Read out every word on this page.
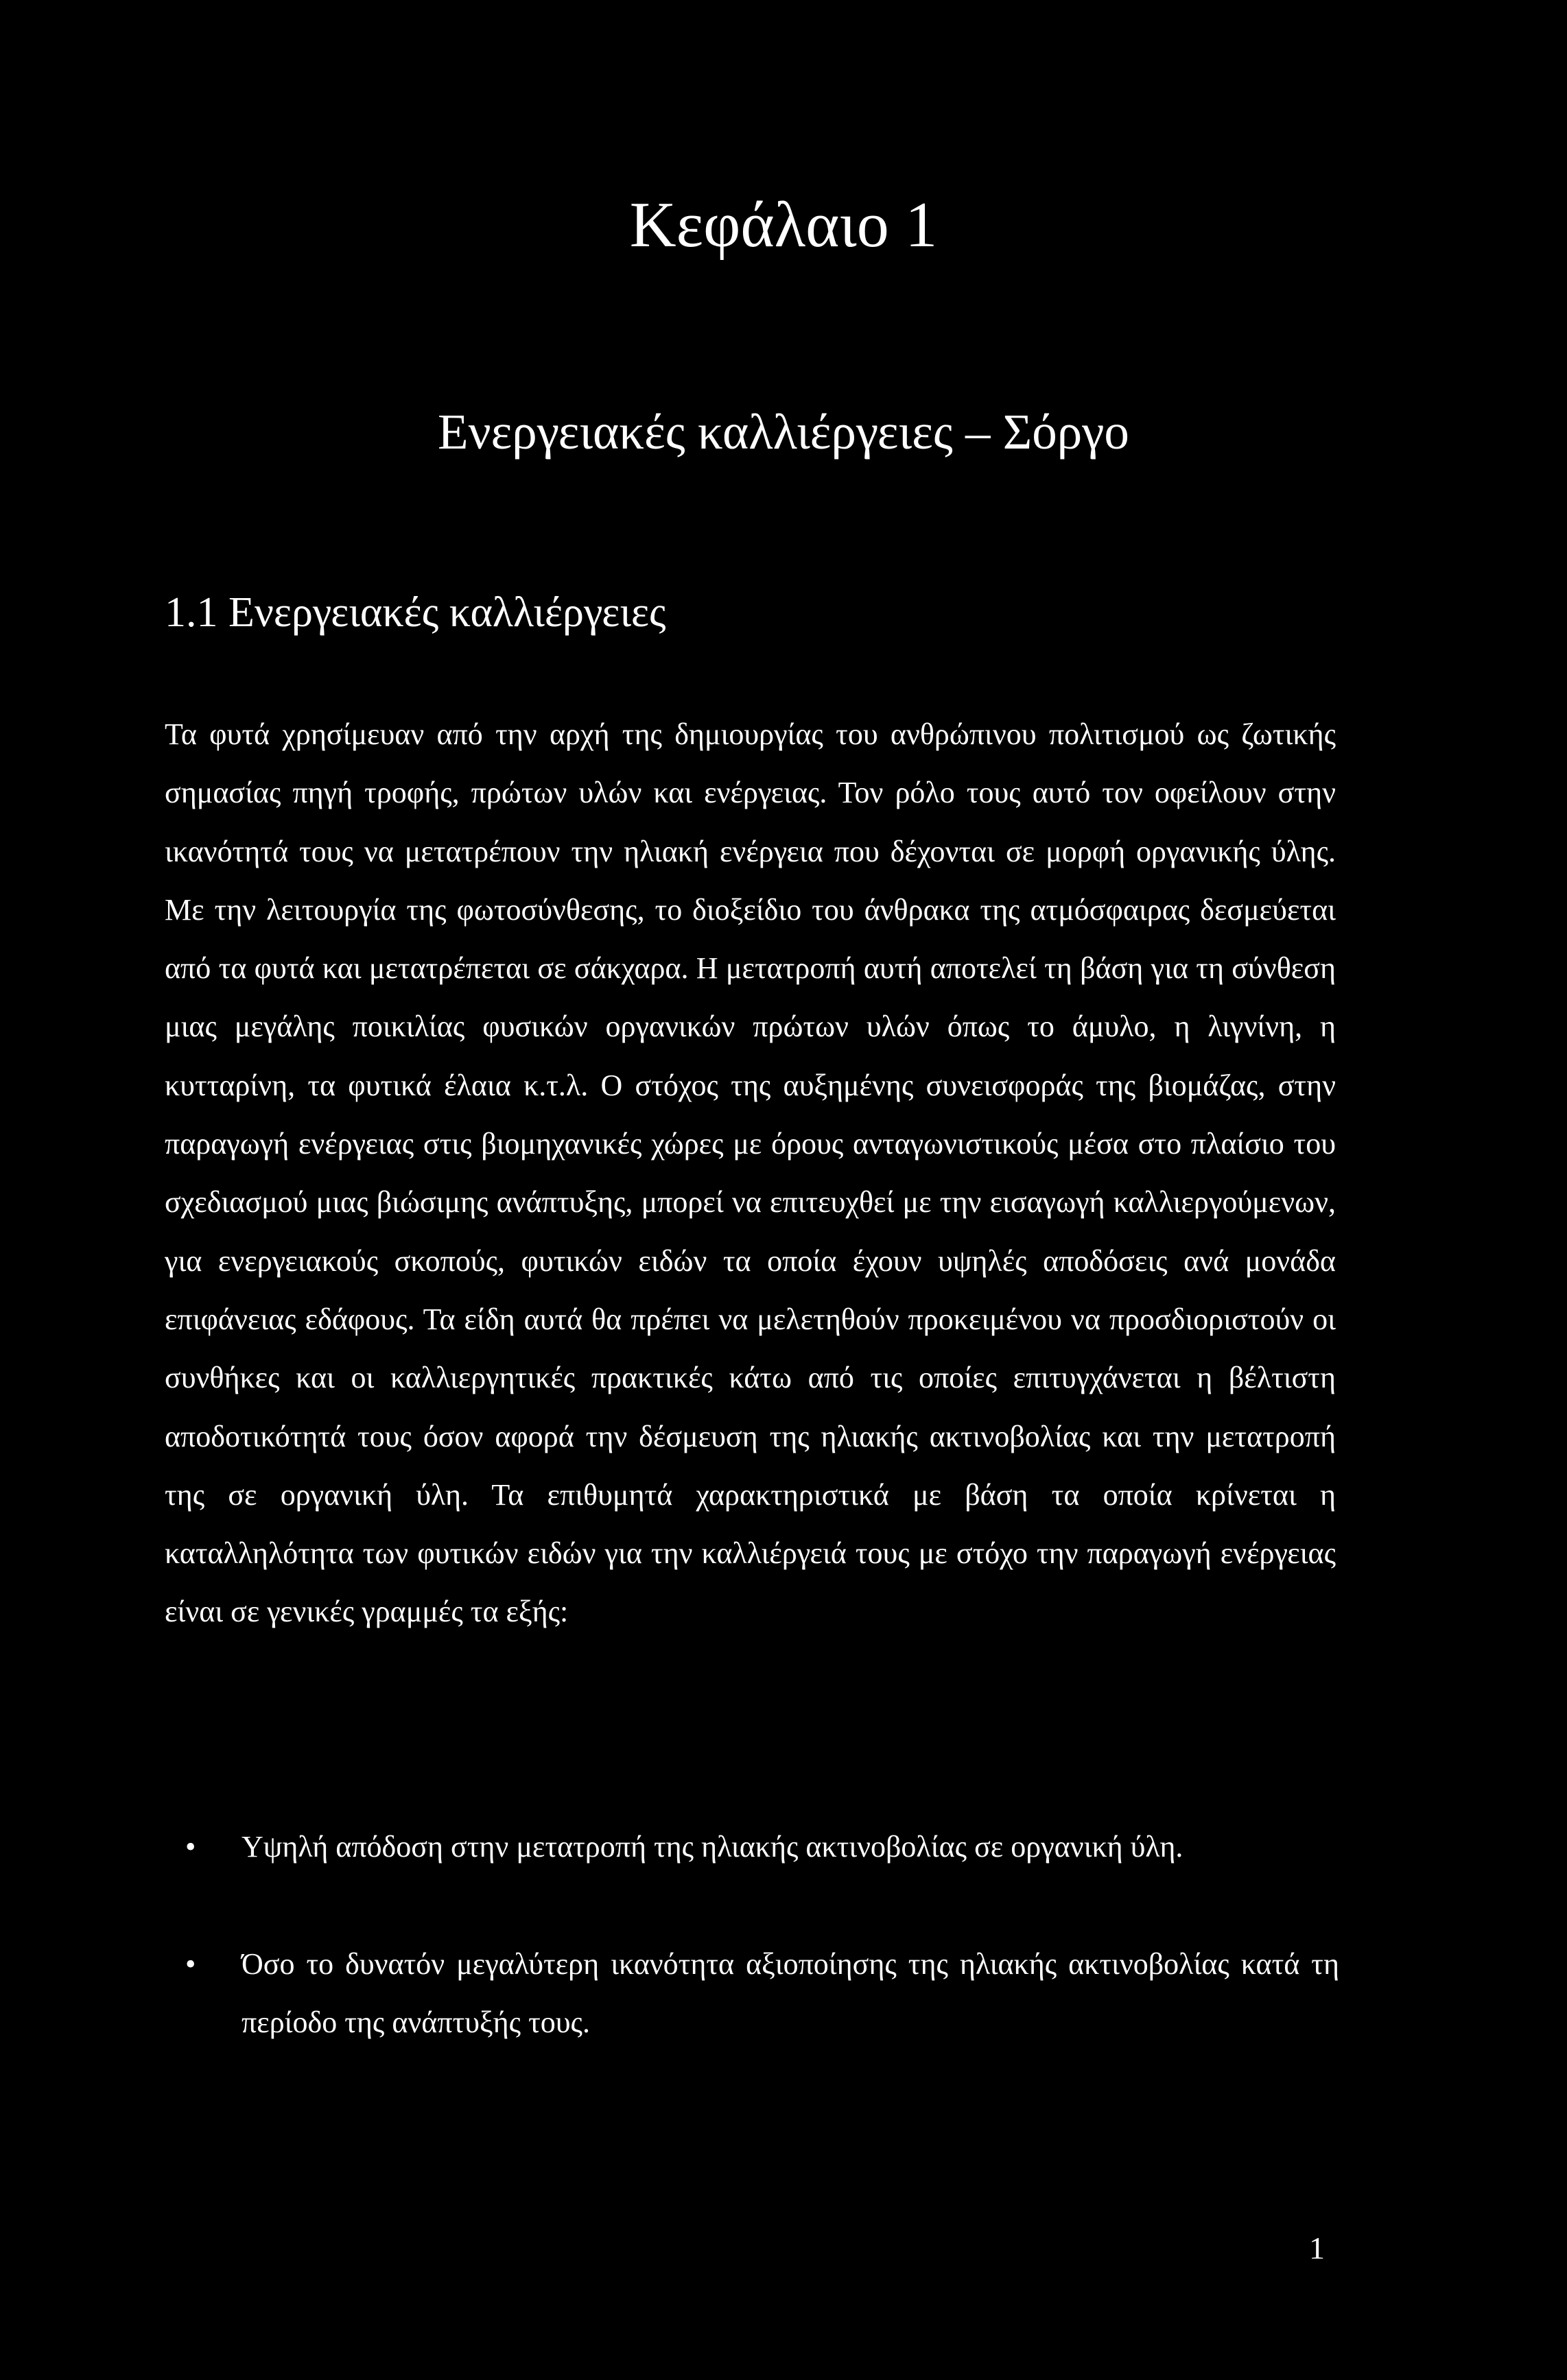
Κεφάλαιο 1
Ενεργειακές καλλιέργειες – Σόργο
1.1 Ενεργειακές καλλιέργειες

Τα φυτά χρησίμευαν από την αρχή της δημιουργίας του ανθρώπινου πολιτισμού ως ζωτικής σημασίας πηγή τροφής, πρώτων υλών και ενέργειας. Τον ρόλο τους αυτό τον οφείλουν στην ικανότητά τους να μετατρέπουν την ηλιακή ενέργεια που δέχονται σε μορφή οργανικής ύλης. Με την λειτουργία της φωτοσύνθεσης, το διοξείδιο του άνθρακα της ατμόσφαιρας δεσμεύεται από τα φυτά και μετατρέπεται σε σάκχαρα. Η μετατροπή αυτή αποτελεί τη βάση για τη σύνθεση μιας μεγάλης ποικιλίας φυσικών οργανικών πρώτων υλών όπως το άμυλο, η λιγνίνη, η κυτταρίνη, τα φυτικά έλαια κ.τ.λ. Ο στόχος της αυξημένης συνεισφοράς της βιομάζας, στην παραγωγή ενέργειας στις βιομηχανικές χώρες με όρους ανταγωνιστικούς μέσα στο πλαίσιο του σχεδιασμού μιας βιώσιμης ανάπτυξης, μπορεί να επιτευχθεί με την εισαγωγή καλλιεργούμενων, για ενεργειακούς σκοπούς, φυτικών ειδών τα οποία έχουν υψηλές αποδόσεις ανά μονάδα επιφάνειας εδάφους. Τα είδη αυτά θα πρέπει να μελετηθούν προκειμένου να προσδιοριστούν οι συνθήκες και οι καλλιεργητικές πρακτικές κάτω από τις οποίες επιτυγχάνεται η βέλτιστη αποδοτικότητά τους όσον αφορά την δέσμευση της ηλιακής ακτινοβολίας και την μετατροπή της σε οργανική ύλη. Τα επιθυμητά χαρακτηριστικά με βάση τα οποία κρίνεται η καταλληλότητα των φυτικών ειδών για την καλλιέργειά τους με στόχο την παραγωγή ενέργειας είναι σε γενικές γραμμές τα εξής:

• Υψηλή απόδοση στην μετατροπή της ηλιακής ακτινοβολίας σε οργανική ύλη.
• Όσο το δυνατόν μεγαλύτερη ικανότητα αξιοποίησης της ηλιακής ακτινοβολίας κατά τη περίοδο της ανάπτυξής τους.
1
